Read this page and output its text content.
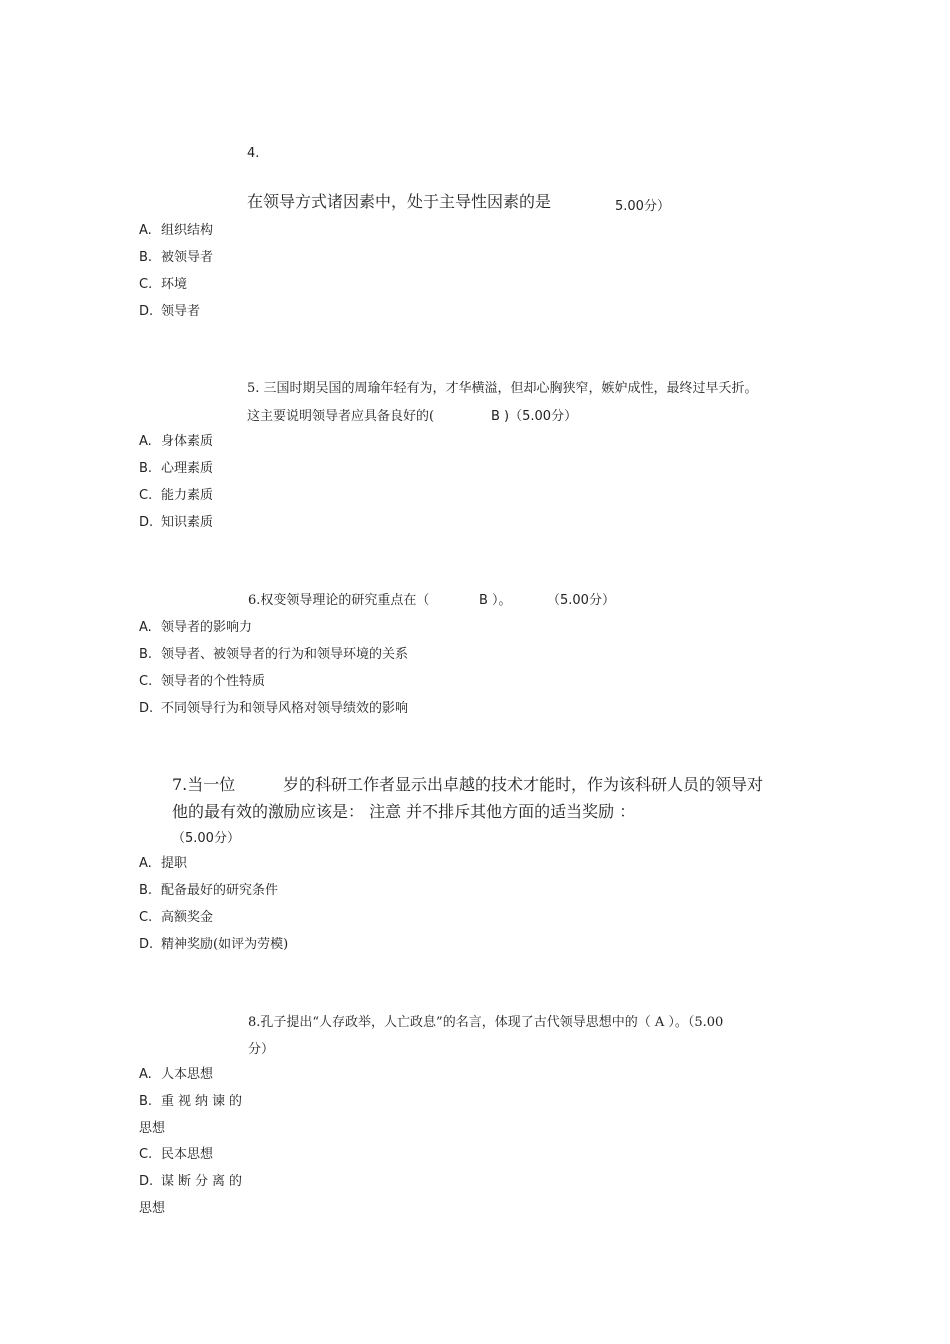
4.
在领导方式诸因素中，处于主导性因素的是	5.00分）
A. 组织结构
B. 被领导者
C. 环境
D. 领导者
5. 三国时期吴国的周瑜年轻有为，才华横溢，但却心胸狭窄，嫉妒成性，最终过早夭折。
这主要说明领导者应具备良好的(	B )（5.00分）
A. 身体素质
B. 心理素质
C. 能力素质
D. 知识素质
6.权变领导理论的研究重点在（	B ）。	（5.00分）
A. 领导者的影响力
B. 领导者、被领导者的行为和领导环境的关系
C. 领导者的个性特质
D. 不同领导行为和领导风格对领导绩效的影响
7.当一位	岁的科研工作者显示出卓越的技术才能时，作为该科研人员的领导对
他的最有效的激励应该是： 注意 并不排斥其他方面的适当奖励 ：
（5.00分）
A. 提职
B. 配备最好的研究条件
C. 高额奖金
D. 精神奖励(如评为劳模)
8.孔子提出“人存政举，人亡政息”的名言，体现了古代领导思想中的（ A ）。（5.00
分）
A. 人本思想
B. 重视纳谏的
思想
C. 民本思想
D. 谋断分离的
思想
